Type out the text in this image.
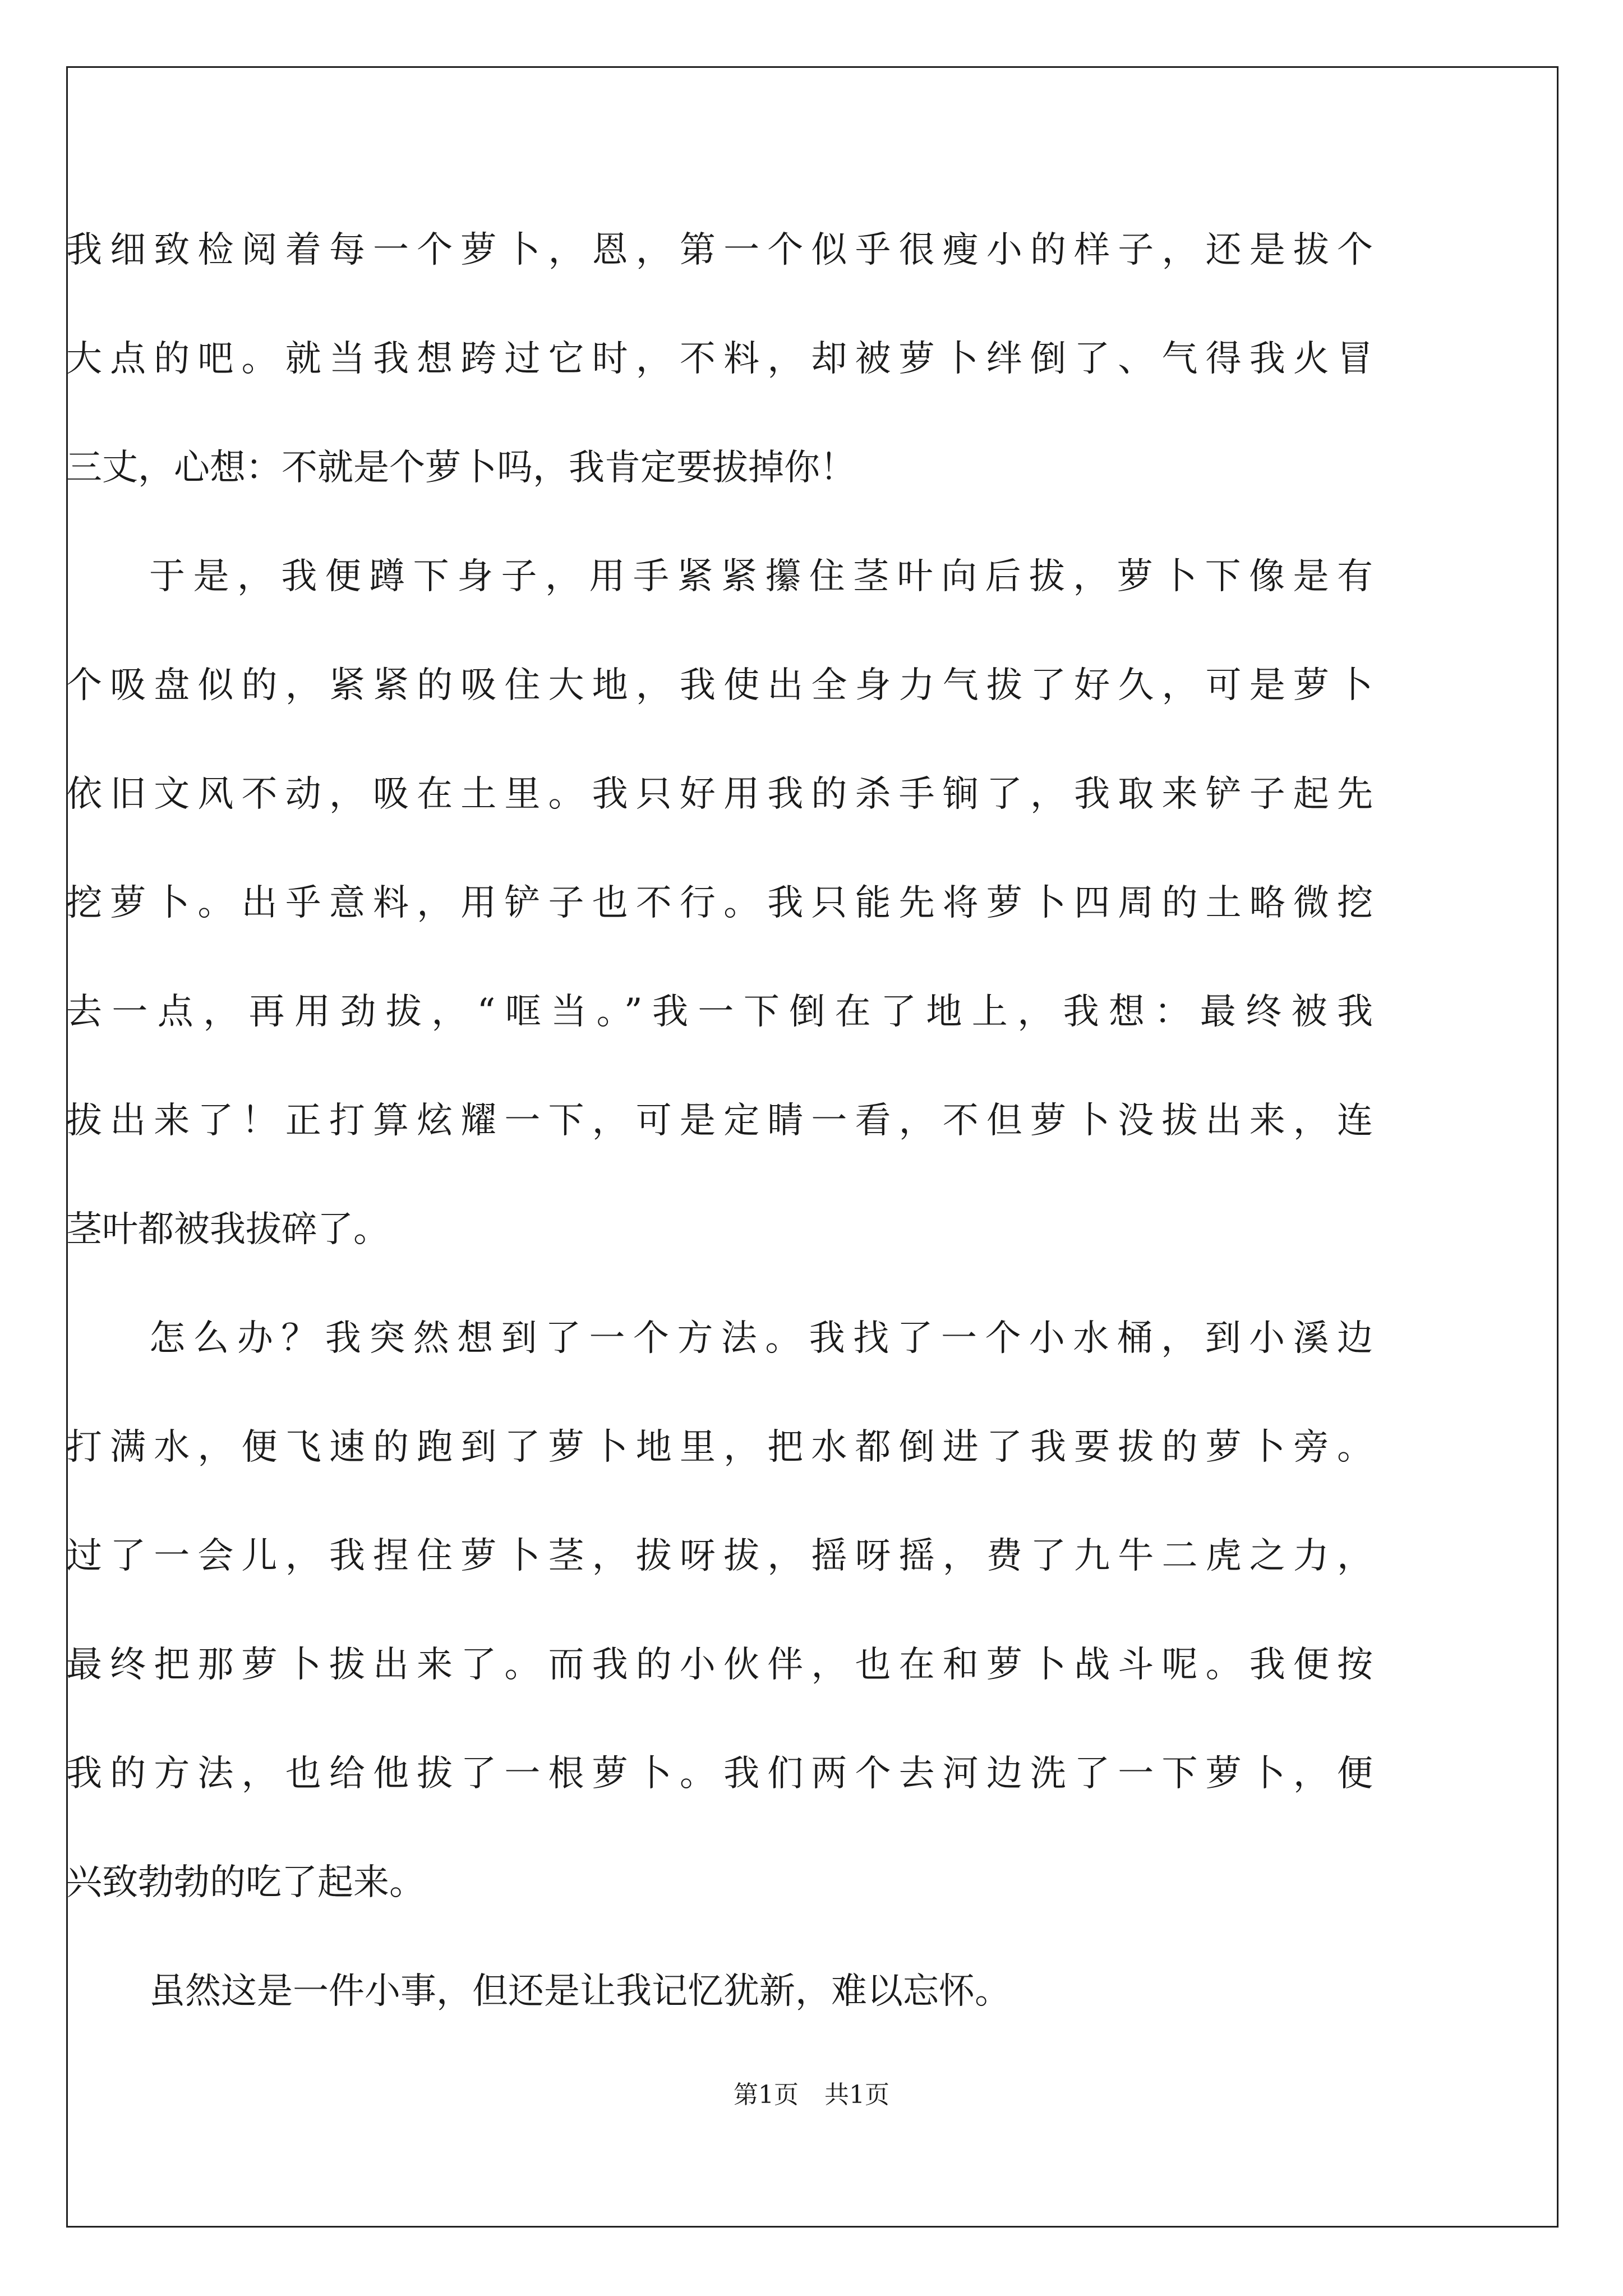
我细致检阅着每一个萝卜，恩，第一个似乎很瘦小的样子，还是拔个
大点的吧。就当我想跨过它时，不料，却被萝卜绊倒了、气得我火冒
三丈，心想：不就是个萝卜吗，我肯定要拔掉你！
于是，我便蹲下身子，用手紧紧攥住茎叶向后拔，萝卜下像是有
个吸盘似的，紧紧的吸住大地，我使出全身力气拔了好久，可是萝卜
依旧文风不动，吸在土里。我只好用我的杀手锏了，我取来铲子起先
挖萝卜。出乎意料，用铲子也不行。我只能先将萝卜四周的土略微挖
去一点，再用劲拔，“哐当。”我一下倒在了地上，我想：最终被我
拔出来了！正打算炫耀一下，可是定睛一看，不但萝卜没拔出来，连
茎叶都被我拔碎了。
怎么办？我突然想到了一个方法。我找了一个小水桶，到小溪边
打满水，便飞速的跑到了萝卜地里，把水都倒进了我要拔的萝卜旁。
过了一会儿，我捏住萝卜茎，拔呀拔，摇呀摇，费了九牛二虎之力，
最终把那萝卜拔出来了。而我的小伙伴，也在和萝卜战斗呢。我便按
我的方法，也给他拔了一根萝卜。我们两个去河边洗了一下萝卜，便
兴致勃勃的吃了起来。
虽然这是一件小事，但还是让我记忆犹新，难以忘怀。
第1页 共1页
